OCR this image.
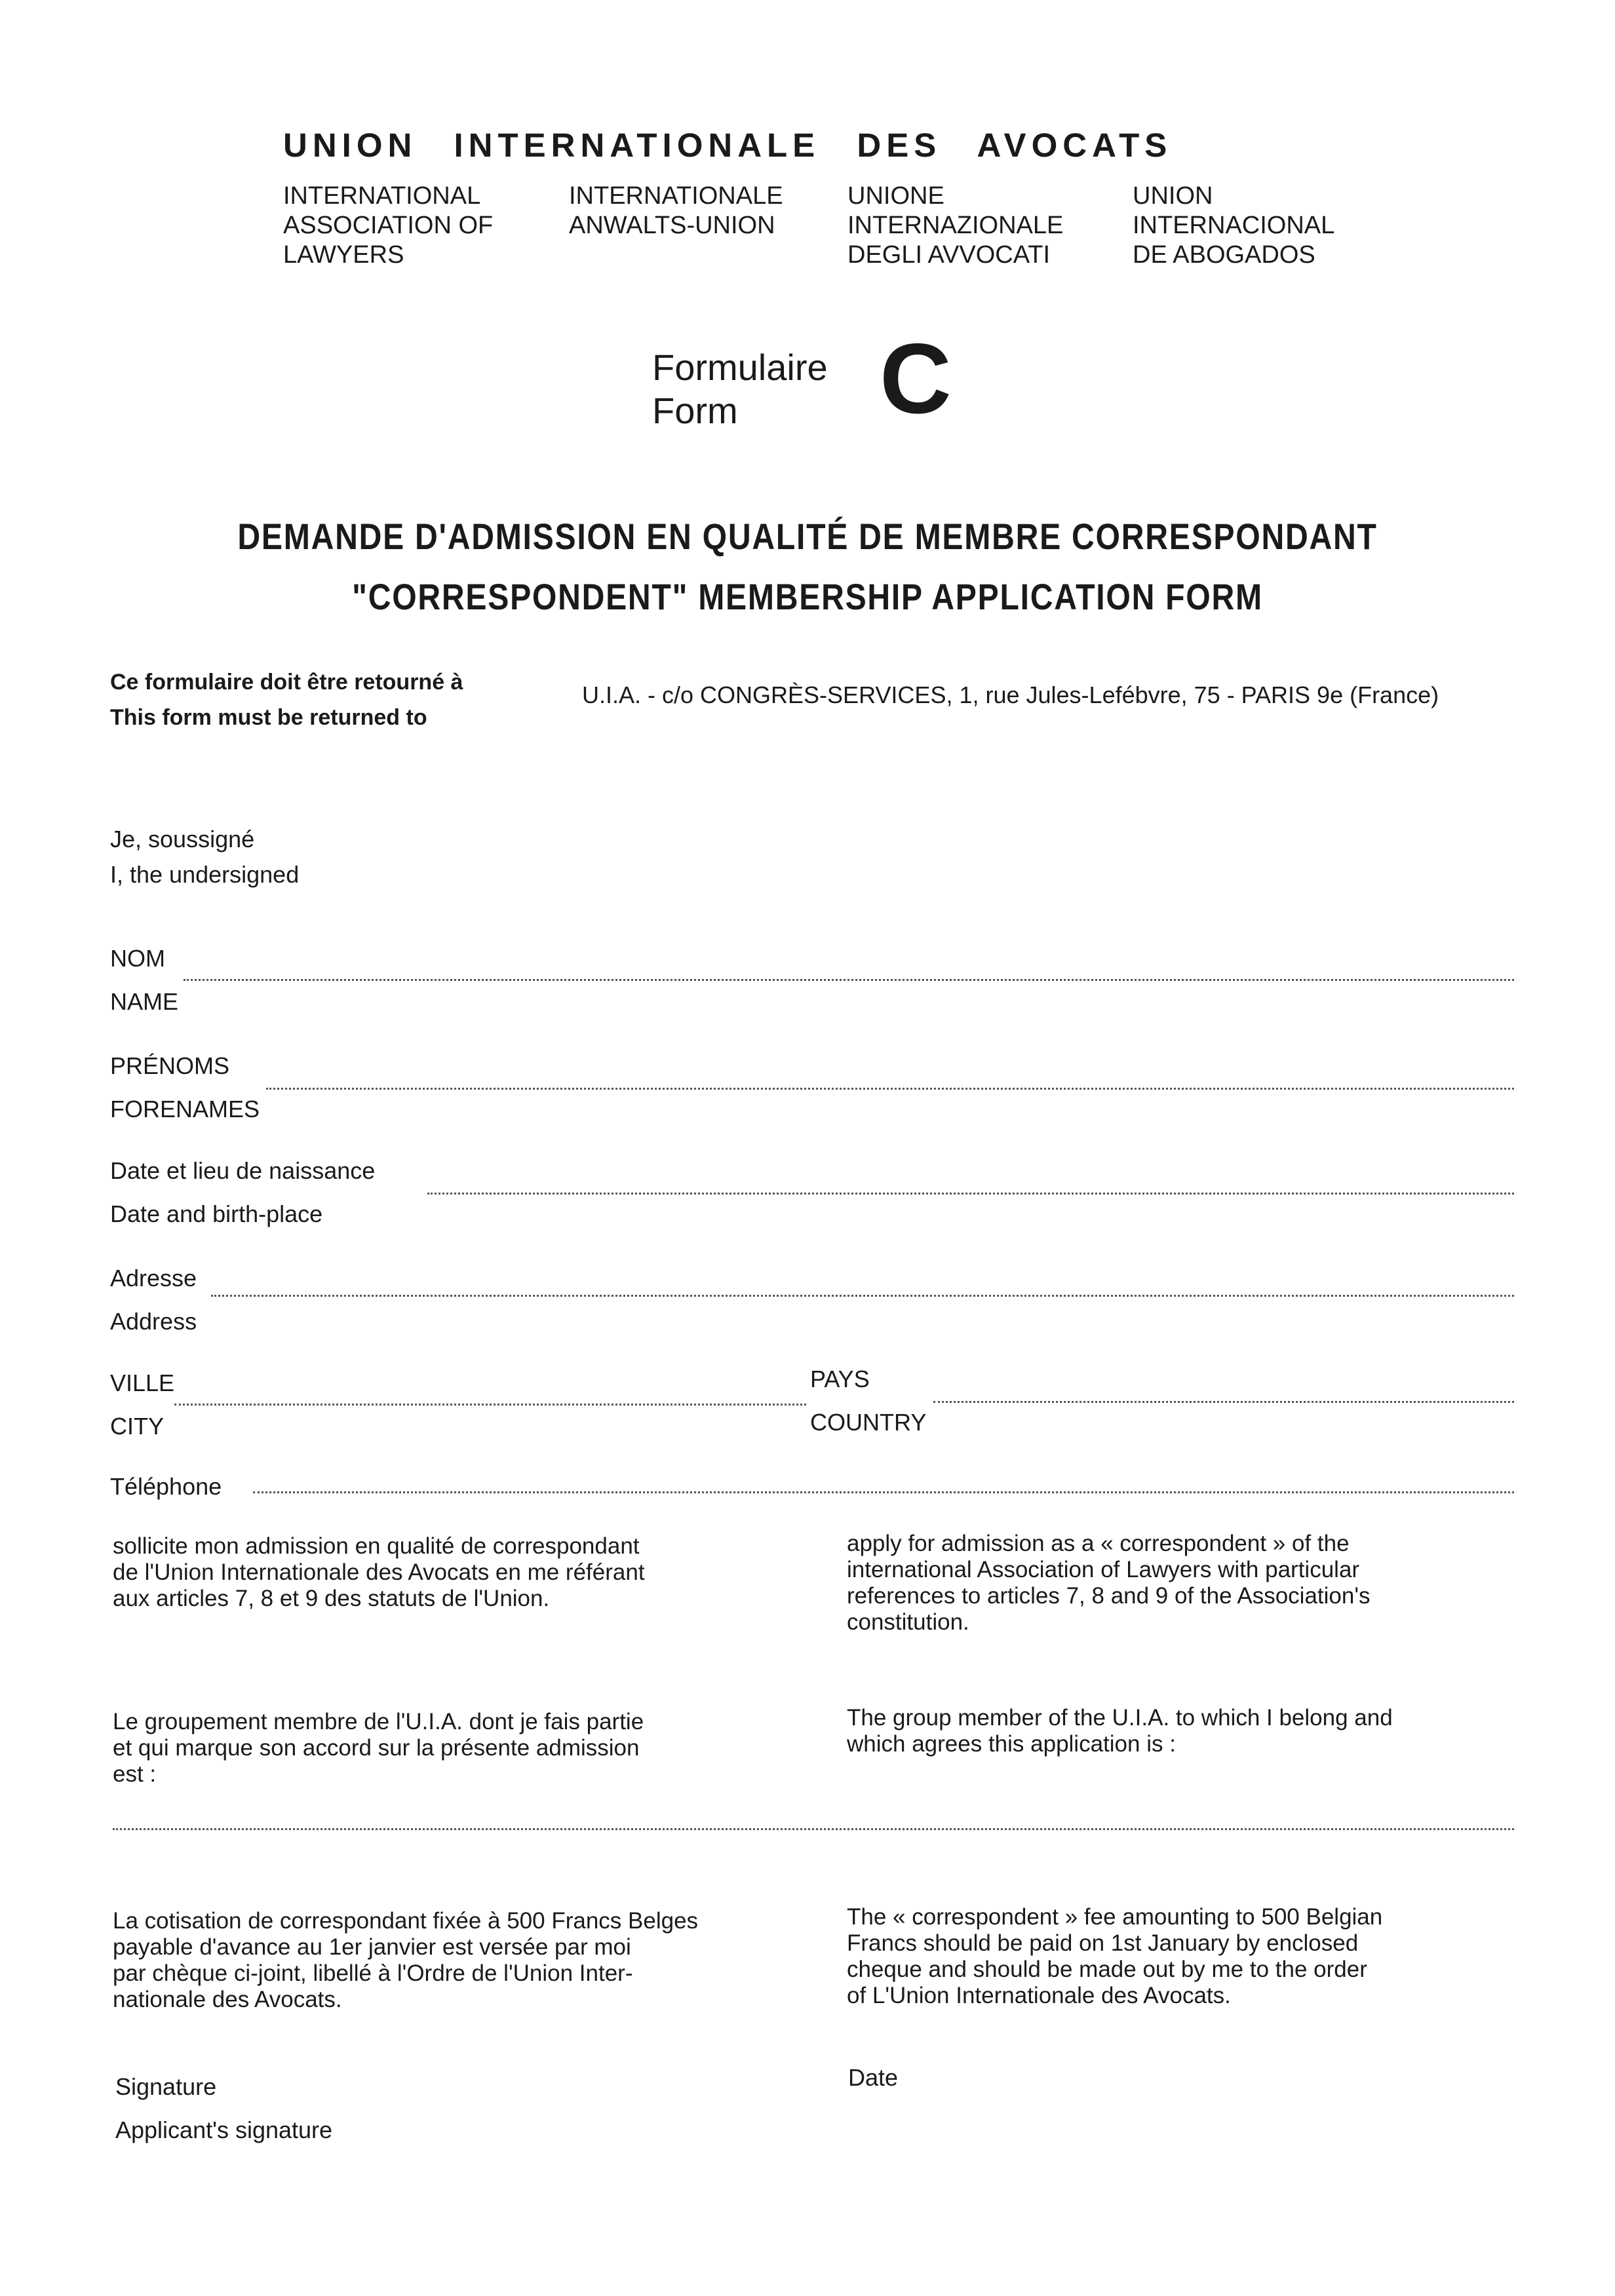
UNION INTERNATIONALE DES AVOCATS
INTERNATIONAL
ASSOCIATION OF
LAWYERS
INTERNATIONALE
ANWALTS-UNION
UNIONE
INTERNAZIONALE
DEGLI AVVOCATI
UNION
INTERNACIONAL
DE ABOGADOS
Formulaire
Form	C
DEMANDE D'ADMISSION EN QUALITÉ DE MEMBRE CORRESPONDANT
"CORRESPONDENT" MEMBERSHIP APPLICATION FORM
Ce formulaire doit être retourné à
This form must be returned to
U.I.A. - c/o CONGRÈS-SERVICES, 1, rue Jules-Lefébvre, 75 - PARIS 9e (France)
Je, soussigné
I, the undersigned
NOM
NAME
PRÉNOMS
FORENAMES
Date et lieu de naissance
Date and birth-place
Adresse
Address
VILLE
CITY
PAYS
COUNTRY
Téléphone
sollicite mon admission en qualité de correspondant
de l'Union Internationale des Avocats en me référant
aux articles 7, 8 et 9 des statuts de l'Union.
apply for admission as a « correspondent » of the
international Association of Lawyers with particular
references to articles 7, 8 and 9 of the Association's
constitution.
Le groupement membre de l'U.I.A. dont je fais partie
et qui marque son accord sur la présente admission
est :
The group member of the U.I.A. to which I belong and
which agrees this application is :
La cotisation de correspondant fixée à 500 Francs Belges
payable d'avance au 1er janvier est versée par moi
par chèque ci-joint, libellé à l'Ordre de l'Union Inter-
nationale des Avocats.
The « correspondent » fee amounting to 500 Belgian
Francs should be paid on 1st January by enclosed
cheque and should be made out by me to the order
of L'Union Internationale des Avocats.
Signature
Applicant's signature
Date
